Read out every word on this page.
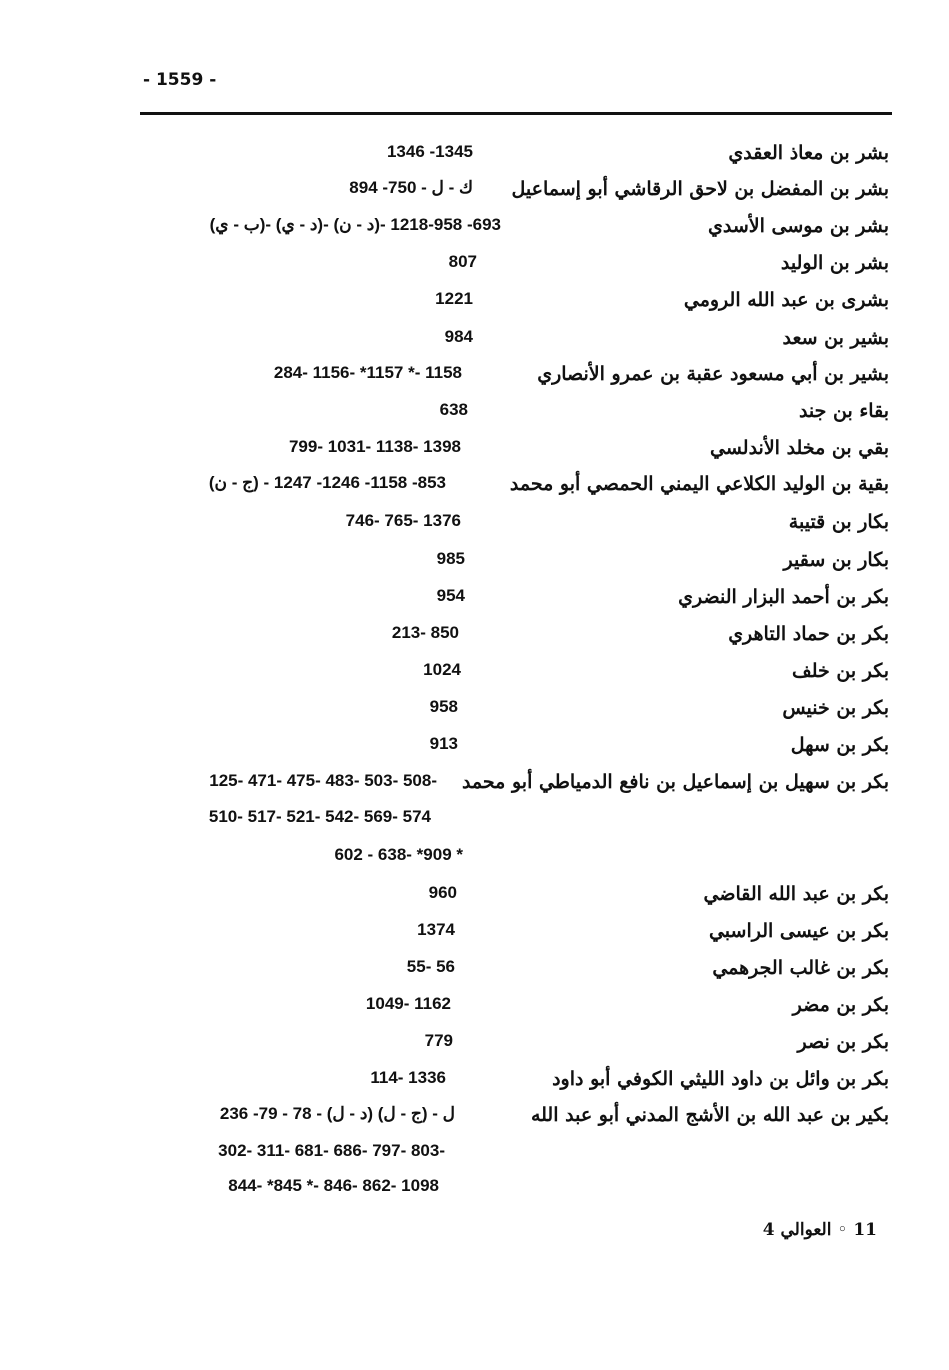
- 1559 -
بشر بن معاذ العقدي
1346 -1345
بشر بن المفضل بن لاحق الرقاشي أبو إسماعيل
ك - ل - 750- 894
بشر بن موسى الأسدي
(ب - ي)- (د - ي)- (د - ن)- 693- 958-1218
بشر بن الوليد
807
بشرى بن عبد الله الرومي
1221
بشير بن سعد
984
بشير بن أبي مسعود عقبة بن عمرو الأنصاري
284- 1156- *1157 *- 1158
بقاء بن جند
638
بقي بن مخلد الأندلسي
799- 1031- 1138- 1398
بقية بن الوليد الكلاعي اليمني الحمصي أبو محمد
(ج - ن) - 853- 1158- 1246- 1247
بكار بن قتيبة
746- 765- 1376
بكار بن سقير
985
بكر بن أحمد البزار النضري
954
بكر بن حماد التاهري
213- 850
بكر بن خلف
1024
بكر بن خنيس
958
بكر بن سهل
913
بكر بن سهيل بن إسماعيل بن نافع الدمياطي أبو محمد
125- 471- 475- 483- 503- 508-
510- 517- 521- 542- 569- 574
602 - 638- *909 *
بكر بن عبد الله القاضي
960
بكر بن عيسى الراسبي
1374
بكر بن غالب الجرهمي
55- 56
بكر بن مضر
1049- 1162
بكر بن نصر
779
بكر بن وائل بن داود الليثي الكوفي أبو داود
114- 1336
بكير بن عبد الله بن الأشج المدني أبو عبد الله
ل - (ج - ل) (د - ل) - 78 - 79- 236
302- 311- 681- 686- 797- 803-
844- *845 *- 846- 862- 1098
11 ◦ العوالي 4
